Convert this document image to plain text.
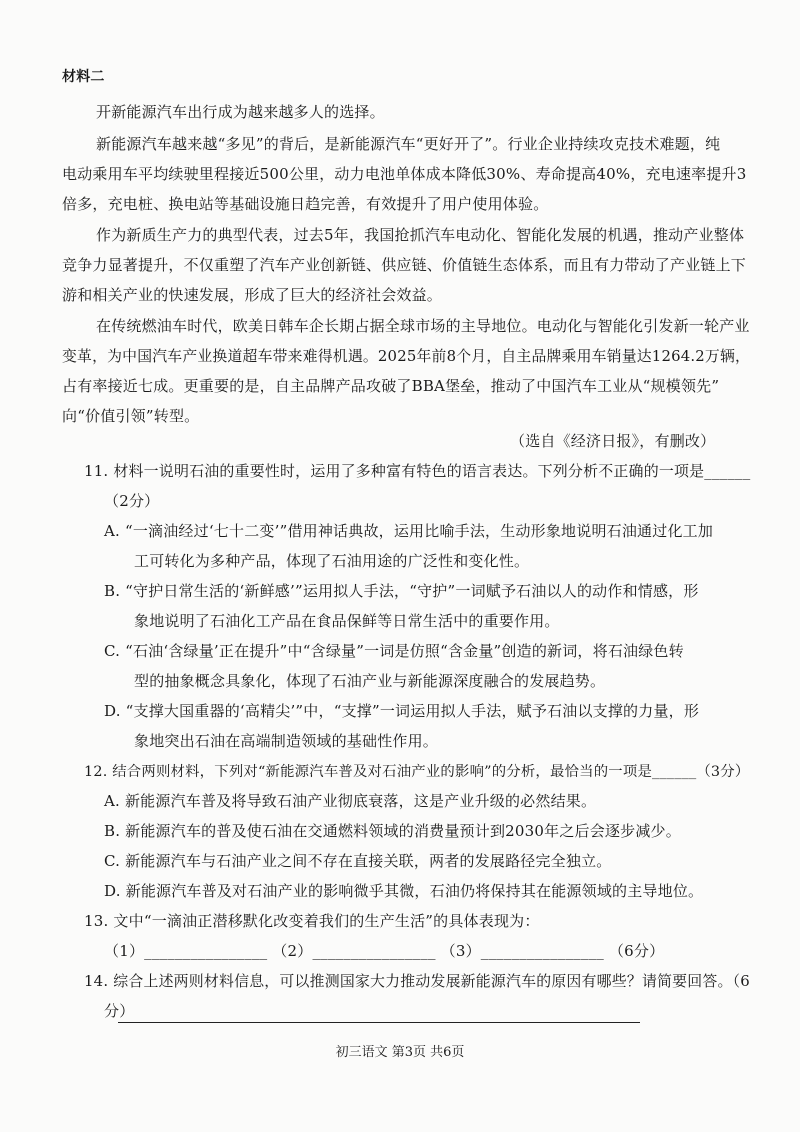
材料二
开新能源汽车出行成为越来越多人的选择。
新能源汽车越来越“多见”的背后，是新能源汽车“更好开了”。行业企业持续攻克技术难题，纯
电动乘用车平均续驶里程接近500公里，动力电池单体成本降低30%、寿命提高40%，充电速率提升3
倍多，充电桩、换电站等基础设施日趋完善，有效提升了用户使用体验。
作为新质生产力的典型代表，过去5年，我国抢抓汽车电动化、智能化发展的机遇，推动产业整体
竞争力显著提升，不仅重塑了汽车产业创新链、供应链、价值链生态体系，而且有力带动了产业链上下
游和相关产业的快速发展，形成了巨大的经济社会效益。
在传统燃油车时代，欧美日韩车企长期占据全球市场的主导地位。电动化与智能化引发新一轮产业
变革，为中国汽车产业换道超车带来难得机遇。2025年前8个月，自主品牌乘用车销量达1264.2万辆，
占有率接近七成。更重要的是，自主品牌产品攻破了BBA堡垒，推动了中国汽车工业从“规模领先”
向“价值引领”转型。
（选自《经济日报》，有删改）
11. 材料一说明石油的重要性时，运用了多种富有特色的语言表达。下列分析不正确的一项是______
（2分）
A. “一滴油经过‘七十二变’”借用神话典故，运用比喻手法，生动形象地说明石油通过化工加
工可转化为多种产品，体现了石油用途的广泛性和变化性。
B. “守护日常生活的‘新鲜感’”运用拟人手法，“守护”一词赋予石油以人的动作和情感，形
象地说明了石油化工产品在食品保鲜等日常生活中的重要作用。
C. “石油‘含绿量’正在提升”中“含绿量”一词是仿照“含金量”创造的新词，将石油绿色转
型的抽象概念具象化，体现了石油产业与新能源深度融合的发展趋势。
D. “支撑大国重器的‘高精尖’”中，“支撑”一词运用拟人手法，赋予石油以支撑的力量，形
象地突出石油在高端制造领域的基础性作用。
12. 结合两则材料，下列对“新能源汽车普及对石油产业的影响”的分析，最恰当的一项是______（3分）
A. 新能源汽车普及将导致石油产业彻底衰落，这是产业升级的必然结果。
B. 新能源汽车的普及使石油在交通燃料领域的消费量预计到2030年之后会逐步减少。
C. 新能源汽车与石油产业之间不存在直接关联，两者的发展路径完全独立。
D. 新能源汽车普及对石油产业的影响微乎其微，石油仍将保持其在能源领域的主导地位。
13. 文中“一滴油正潜移默化改变着我们的生产生活”的具体表现为：
（1）________________ （2）________________ （3）________________ （6分）
14. 综合上述两则材料信息，可以推测国家大力推动发展新能源汽车的原因有哪些？请简要回答。（6
分）
初三语文 第3页 共6页
